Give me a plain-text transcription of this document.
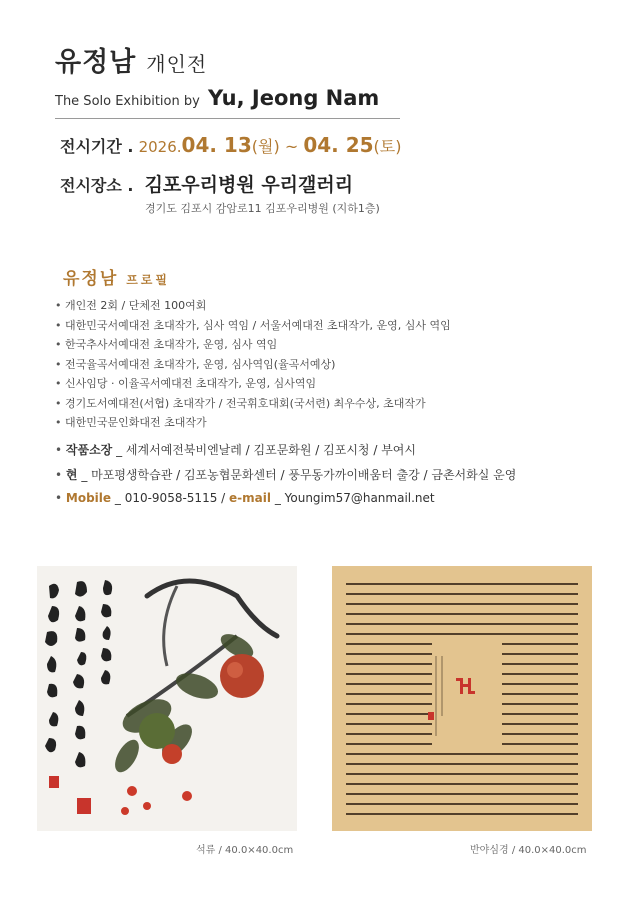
유정남 개인전
The Solo Exhibition by Yu, Jeong Nam
전시기간 . 2026.04. 13(월) ~ 04. 25(토)
전시장소 . 김포우리병원 우리갤러리
경기도 김포시 감암로11 김포우리병원 (지하1층)
유정남 프로필
• 개인전 2회 / 단체전 100여회
• 대한민국서예대전 초대작가, 심사 역임 / 서울서예대전 초대작가, 운영, 심사 역임
• 한국추사서예대전 초대작가, 운영, 심사 역임
• 전국율곡서예대전 초대작가, 운영, 심사역임(율곡서예상)
• 신사임당 · 이율곡서예대전 초대작가, 운영, 심사역임
• 경기도서예대전(서협) 초대작가 / 전국휘호대회(국서련) 최우수상, 초대작가
• 대한민국문인화대전 초대작가
• 작품소장 _ 세계서예전북비엔날레 / 김포문화원 / 김포시청 / 부여시
• 현 _ 마포평생학습관 / 김포농협문화센터 / 풍무동가까이배움터 출강 / 금촌서화실 운영
• Mobile _ 010-9058-5115 / e-mail _ Youngim57@hanmail.net
석류 / 40.0×40.0cm	반야심경 / 40.0×40.0cm
